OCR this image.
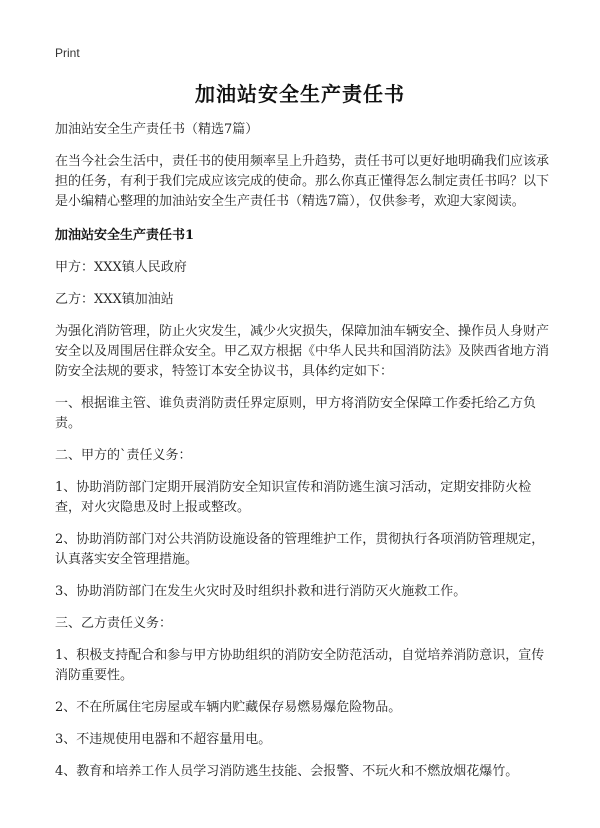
Print
加油站安全生产责任书

加油站安全生产责任书（精选7篇）

在当今社会生活中，责任书的使用频率呈上升趋势，责任书可以更好地明确我们应该承担的任务，有利于我们完成应该完成的使命。那么你真正懂得怎么制定责任书吗？以下是小编精心整理的加油站安全生产责任书（精选7篇），仅供参考，欢迎大家阅读。

加油站安全生产责任书1

甲方：XXX镇人民政府

乙方：XXX镇加油站

为强化消防管理，防止火灾发生，减少火灾损失，保障加油车辆安全、操作员人身财产安全以及周围居住群众安全。甲乙双方根据《中华人民共和国消防法》及陕西省地方消防安全法规的要求，特签订本安全协议书，具体约定如下：

一、根据谁主管、谁负责消防责任界定原则，甲方将消防安全保障工作委托给乙方负责。

二、甲方的`责任义务：

1、协助消防部门定期开展消防安全知识宣传和消防逃生演习活动，定期安排防火检查，对火灾隐患及时上报或整改。

2、协助消防部门对公共消防设施设备的管理维护工作，贯彻执行各项消防管理规定，认真落实安全管理措施。

3、协助消防部门在发生火灾时及时组织扑救和进行消防灭火施救工作。

三、乙方责任义务：

1、积极支持配合和参与甲方协助组织的消防安全防范活动，自觉培养消防意识，宣传消防重要性。

2、不在所属住宅房屋或车辆内贮藏保存易燃易爆危险物品。

3、不违规使用电器和不超容量用电。

4、教育和培养工作人员学习消防逃生技能、会报警、不玩火和不燃放烟花爆竹。
